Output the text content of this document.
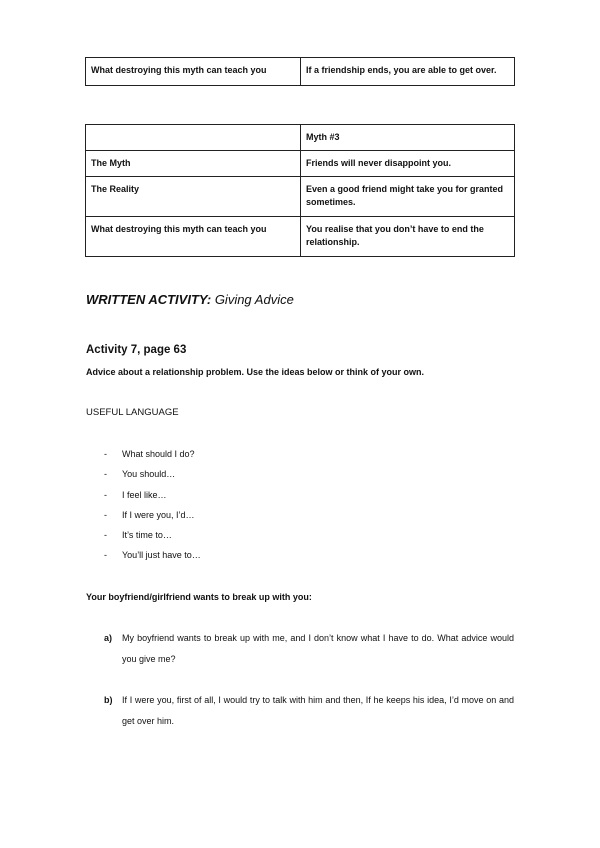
What destroying this myth can teach you	If a friendship ends, you are able to get over.
	Myth #3
The Myth	Friends will never disappoint you.
The Reality	Even a good friend might take you for granted sometimes.
What destroying this myth can teach you	You realise that you don’t have to end the relationship.
WRITTEN ACTIVITY: Giving Advice
Activity 7, page 63
Advice about a relationship problem. Use the ideas below or think of your own.
USEFUL LANGUAGE
-	What should I do?
-	You should…
-	I feel like…
-	If I were you, I’d…
-	It’s time to…
-	You’ll just have to…
Your boyfriend/girlfriend wants to break up with you:
a) My boyfriend wants to break up with me, and I don’t know what I have to do. What advice would you give me?
b) If I were you, first of all, I would try to talk with him and then, If he keeps his idea, I’d move on and get over him.
